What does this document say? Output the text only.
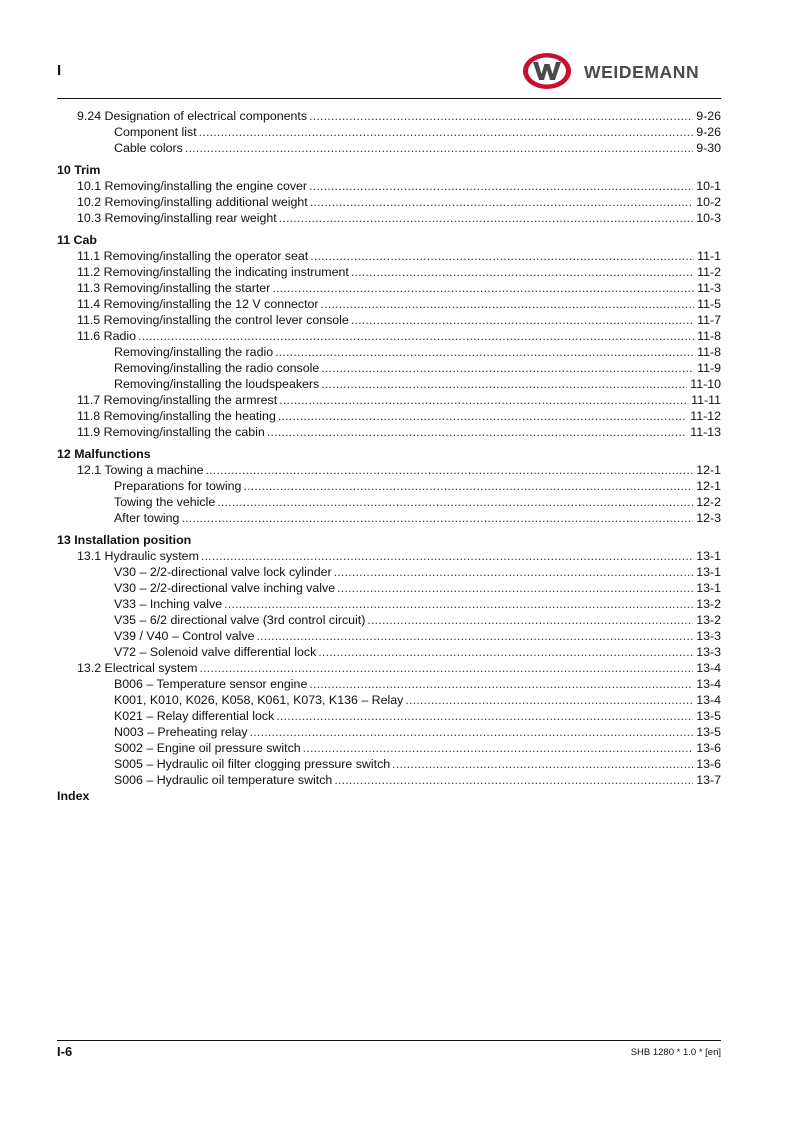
I	WEIDEMANN
9.24 Designation of electrical components .....	9-26
Component list .....	9-26
Cable colors .....	9-30
10 Trim
10.1 Removing/installing the engine cover .....	10-1
10.2 Removing/installing additional weight .....	10-2
10.3 Removing/installing rear weight .....	10-3
11 Cab
11.1 Removing/installing the operator seat .....	11-1
11.2 Removing/installing the indicating instrument .....	11-2
11.3 Removing/installing the starter .....	11-3
11.4 Removing/installing the 12 V connector .....	11-5
11.5 Removing/installing the control lever console .....	11-7
11.6 Radio .....	11-8
Removing/installing the radio .....	11-8
Removing/installing the radio console .....	11-9
Removing/installing the loudspeakers .....	11-10
11.7 Removing/installing the armrest .....	11-11
11.8 Removing/installing the heating .....	11-12
11.9 Removing/installing the cabin .....	11-13
12 Malfunctions
12.1 Towing a machine .....	12-1
Preparations for towing .....	12-1
Towing the vehicle .....	12-2
After towing .....	12-3
13 Installation position
13.1 Hydraulic system .....	13-1
V30 – 2/2-directional valve lock cylinder .....	13-1
V30 – 2/2-directional valve inching valve .....	13-1
V33 – Inching valve .....	13-2
V35 – 6/2 directional valve (3rd control circuit) .....	13-2
V39 / V40 – Control valve .....	13-3
V72 – Solenoid valve differential lock .....	13-3
13.2 Electrical system .....	13-4
B006 – Temperature sensor engine .....	13-4
K001, K010, K026, K058, K061, K073, K136 – Relay .....	13-4
K021 – Relay differential lock .....	13-5
N003 – Preheating relay .....	13-5
S002 – Engine oil pressure switch .....	13-6
S005 – Hydraulic oil filter clogging pressure switch .....	13-6
S006 – Hydraulic oil temperature switch .....	13-7
Index
I-6	SHB 1280 * 1.0 * [en]
